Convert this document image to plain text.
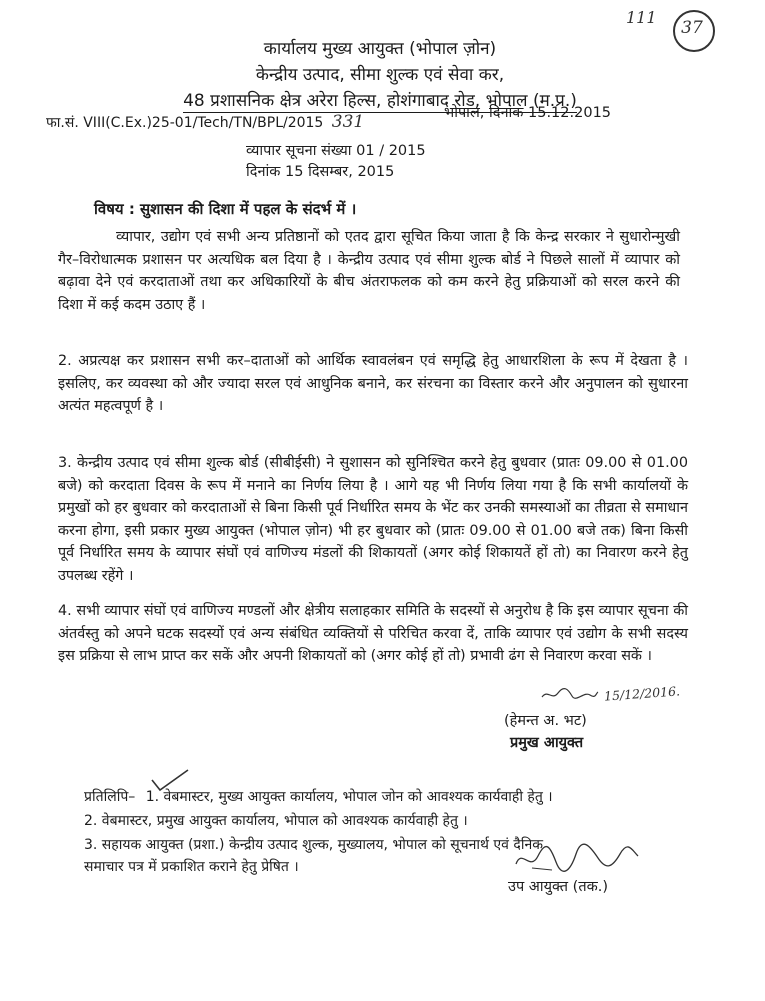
111
37
कार्यालय मुख्य आयुक्त (भोपाल ज़ोन)
केन्द्रीय उत्पाद, सीमा शुल्क एवं सेवा कर,
48 प्रशासनिक क्षेत्र अरेरा हिल्स, होशंगाबाद रोड, भोपाल (म.प्र.)
फा.सं. VIII(C.Ex.)25-01/Tech/TN/BPL/2015 331	भोपाल, दिनांक 15.12.2015
व्यापार सूचना संख्या 01 / 2015
दिनांक 15 दिसम्बर, 2015
विषय : सुशासन की दिशा में पहल के संदर्भ में ।

व्यापार, उद्योग एवं सभी अन्य प्रतिष्ठानों को एतद द्वारा सूचित किया जाता है कि केन्द्र सरकार ने सुधारोन्मुखी गैर–विरोधात्मक प्रशासन पर अत्यधिक बल दिया है । केन्द्रीय उत्पाद एवं सीमा शुल्क बोर्ड ने पिछले सालों में व्यापार को बढ़ावा देने एवं करदाताओं तथा कर अधिकारियों के बीच अंतराफलक को कम करने हेतु प्रक्रियाओं को सरल करने की दिशा में कई कदम उठाए हैं ।

2. अप्रत्यक्ष कर प्रशासन सभी कर–दाताओं को आर्थिक स्वावलंबन एवं समृद्धि हेतु आधारशिला के रूप में देखता है । इसलिए, कर व्यवस्था को और ज्यादा सरल एवं आधुनिक बनाने, कर संरचना का विस्तार करने और अनुपालन को सुधारना अत्यंत महत्वपूर्ण है ।

3. केन्द्रीय उत्पाद एवं सीमा शुल्क बोर्ड (सीबीईसी) ने सुशासन को सुनिश्चित करने हेतु बुधवार (प्रातः 09.00 से 01.00 बजे) को करदाता दिवस के रूप में मनाने का निर्णय लिया है । आगे यह भी निर्णय लिया गया है कि सभी कार्यालयों के प्रमुखों को हर बुधवार को करदाताओं से बिना किसी पूर्व निर्धारित समय के भेंट कर उनकी समस्याओं का तीव्रता से समाधान करना होगा, इसी प्रकार मुख्य आयुक्त (भोपाल ज़ोन) भी हर बुधवार को (प्रातः 09.00 से 01.00 बजे तक) बिना किसी पूर्व निर्धारित समय के व्यापार संघों एवं वाणिज्य मंडलों की शिकायतों (अगर कोई शिकायतें हों तो) का निवारण करने हेतु उपलब्ध रहेंगे ।

4. सभी व्यापार संघों एवं वाणिज्य मण्डलों और क्षेत्रीय सलाहकार समिति के सदस्यों से अनुरोध है कि इस व्यापार सूचना की अंतर्वस्तु को अपने घटक सदस्यों एवं अन्य संबंधित व्यक्तियों से परिचित करवा दें, ताकि व्यापार एवं उद्योग के सभी सदस्य इस प्रक्रिया से लाभ प्राप्त कर सकें और अपनी शिकायतों को (अगर कोई हों तो) प्रभावी ढंग से निवारण करवा सकें ।

15/12/2016.
(हेमन्त अ. भट)
प्रमुख आयुक्त
प्रतिलिपि– 1. वेबमास्टर, मुख्य आयुक्त कार्यालय, भोपाल जोन को आवश्यक कार्यवाही हेतु ।
2. वेबमास्टर, प्रमुख आयुक्त कार्यालय, भोपाल को आवश्यक कार्यवाही हेतु ।
3. सहायक आयुक्त (प्रशा.) केन्द्रीय उत्पाद शुल्क, मुख्यालय, भोपाल को सूचनार्थ एवं दैनिक
समाचार पत्र में प्रकाशित कराने हेतु प्रेषित ।
उप आयुक्त (तक.)
